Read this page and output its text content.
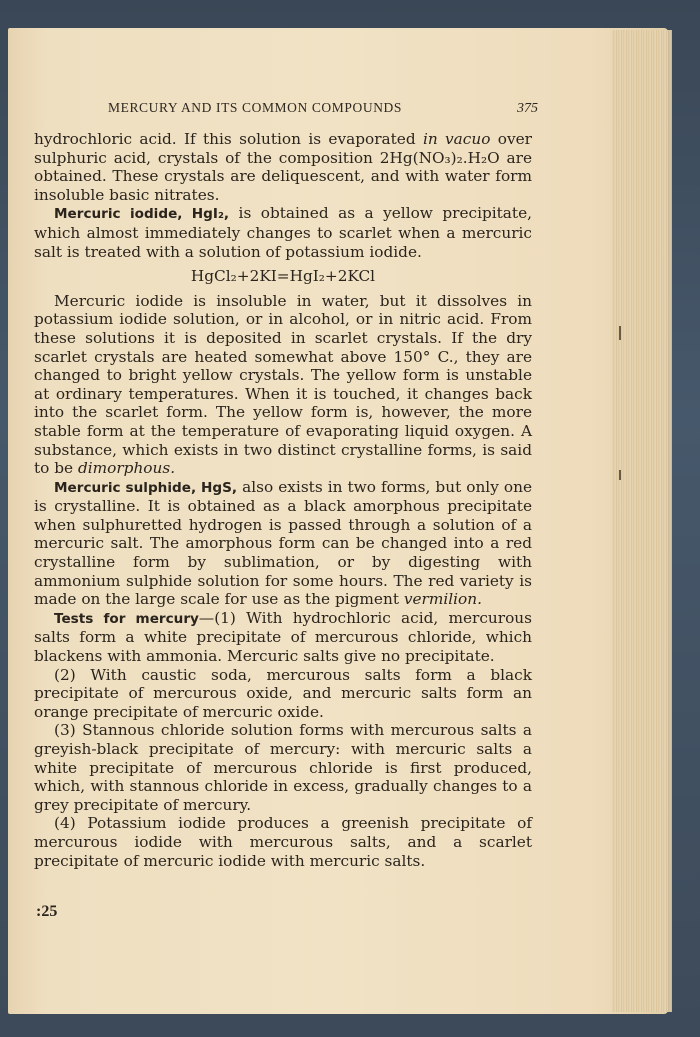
MERCURY AND ITS COMMON COMPOUNDS	375

hydrochloric acid. If this solution is evaporated in vacuo over sulphuric acid, crystals of the composition 2Hg(NO₃)₂.H₂O are obtained. These crystals are deliquescent, and with water form insoluble basic nitrates.

Mercuric iodide, HgI₂, is obtained as a yellow precipitate, which almost immediately changes to scarlet when a mercuric salt is treated with a solution of potassium iodide.

HgCl₂+2KI=HgI₂+2KCl

Mercuric iodide is insoluble in water, but it dissolves in potassium iodide solution, or in alcohol, or in nitric acid. From these solutions it is deposited in scarlet crystals. If the dry scarlet crystals are heated somewhat above 150° C., they are changed to bright yellow crystals. The yellow form is unstable at ordinary temperatures. When it is touched, it changes back into the scarlet form. The yellow form is, however, the more stable form at the temperature of evaporating liquid oxygen. A substance, which exists in two distinct crystalline forms, is said to be dimorphous.

Mercuric sulphide, HgS, also exists in two forms, but only one is crystalline. It is obtained as a black amorphous precipitate when sulphuretted hydrogen is passed through a solution of a mercuric salt. The amorphous form can be changed into a red crystalline form by sublimation, or by digesting with ammonium sulphide solution for some hours. The red variety is made on the large scale for use as the pigment vermilion.

Tests for mercury—(1) With hydrochloric acid, mercurous salts form a white precipitate of mercurous chloride, which blackens with ammonia. Mercuric salts give no precipitate.

(2) With caustic soda, mercurous salts form a black precipitate of mercurous oxide, and mercuric salts form an orange precipitate of mercuric oxide.

(3) Stannous chloride solution forms with mercurous salts a greyish-black precipitate of mercury: with mercuric salts a white precipitate of mercurous chloride is first produced, which, with stannous chloride in excess, gradually changes to a grey precipitate of mercury.

(4) Potassium iodide produces a greenish precipitate of mercurous iodide with mercurous salts, and a scarlet precipitate of mercuric iodide with mercuric salts.

:25
